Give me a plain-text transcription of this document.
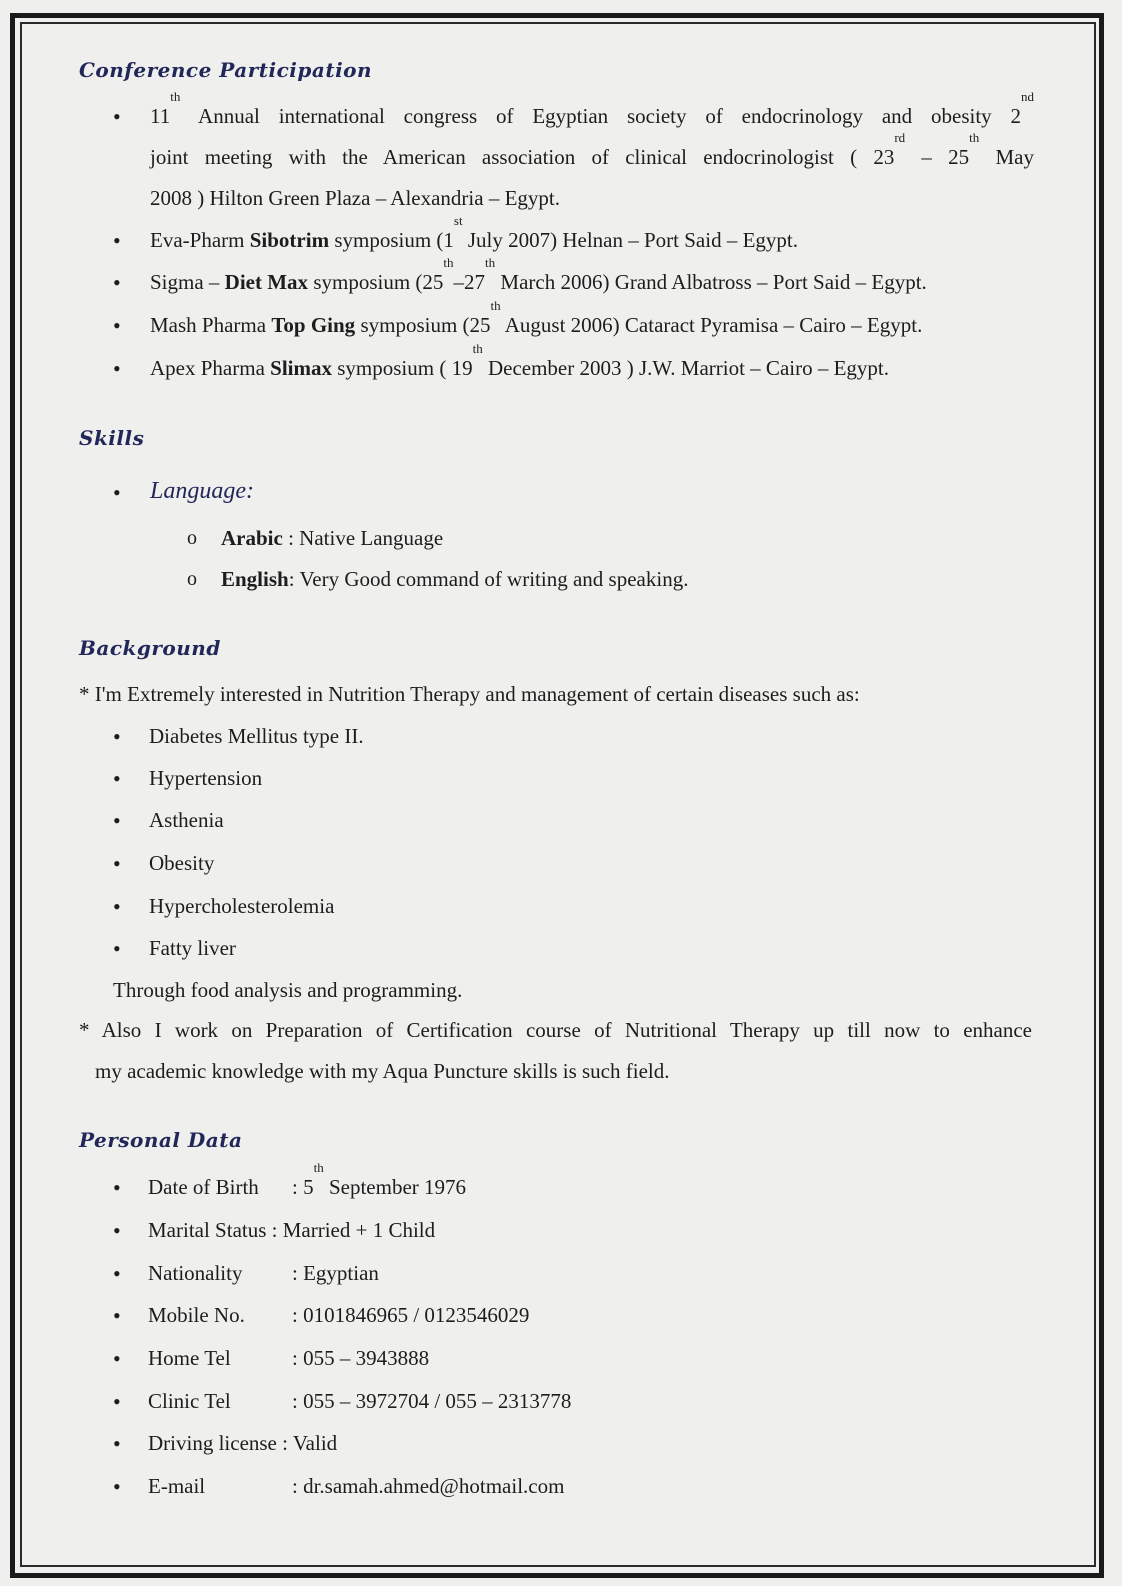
Conference Participation
• 11th Annual international congress of Egyptian society of endocrinology and obesity 2nd
joint meeting with the American association of clinical endocrinologist ( 23rd – 25th May
2008 ) Hilton Green Plaza – Alexandria – Egypt.
• Eva-Pharm Sibotrim symposium (1st July 2007) Helnan – Port Said – Egypt.
• Sigma – Diet Max symposium (25th–27th March 2006) Grand Albatross – Port Said – Egypt.
• Mash Pharma Top Ging symposium (25th August 2006) Cataract Pyramisa – Cairo – Egypt.
• Apex Pharma Slimax symposium ( 19th December 2003 ) J.W. Marriot – Cairo – Egypt.
Skills
• Language:
o Arabic : Native Language
o English: Very Good command of writing and speaking.
Background
* I'm Extremely interested in Nutrition Therapy and management of certain diseases such as:
• Diabetes Mellitus type II.
• Hypertension
• Asthenia
• Obesity
• Hypercholesterolemia
• Fatty liver
Through food analysis and programming.
* Also I work on Preparation of Certification course of Nutritional Therapy up till now to enhance
my academic knowledge with my Aqua Puncture skills is such field.
Personal Data
• Date of Birth : 5th September 1976
• Marital Status : Married + 1 Child
• Nationality : Egyptian
• Mobile No. : 0101846965 / 0123546029
• Home Tel	: 055 – 3943888
• Clinic Tel	: 055 – 3972704 / 055 – 2313778
• Driving license : Valid
• E-mail	: dr.samah.ahmed@hotmail.com
